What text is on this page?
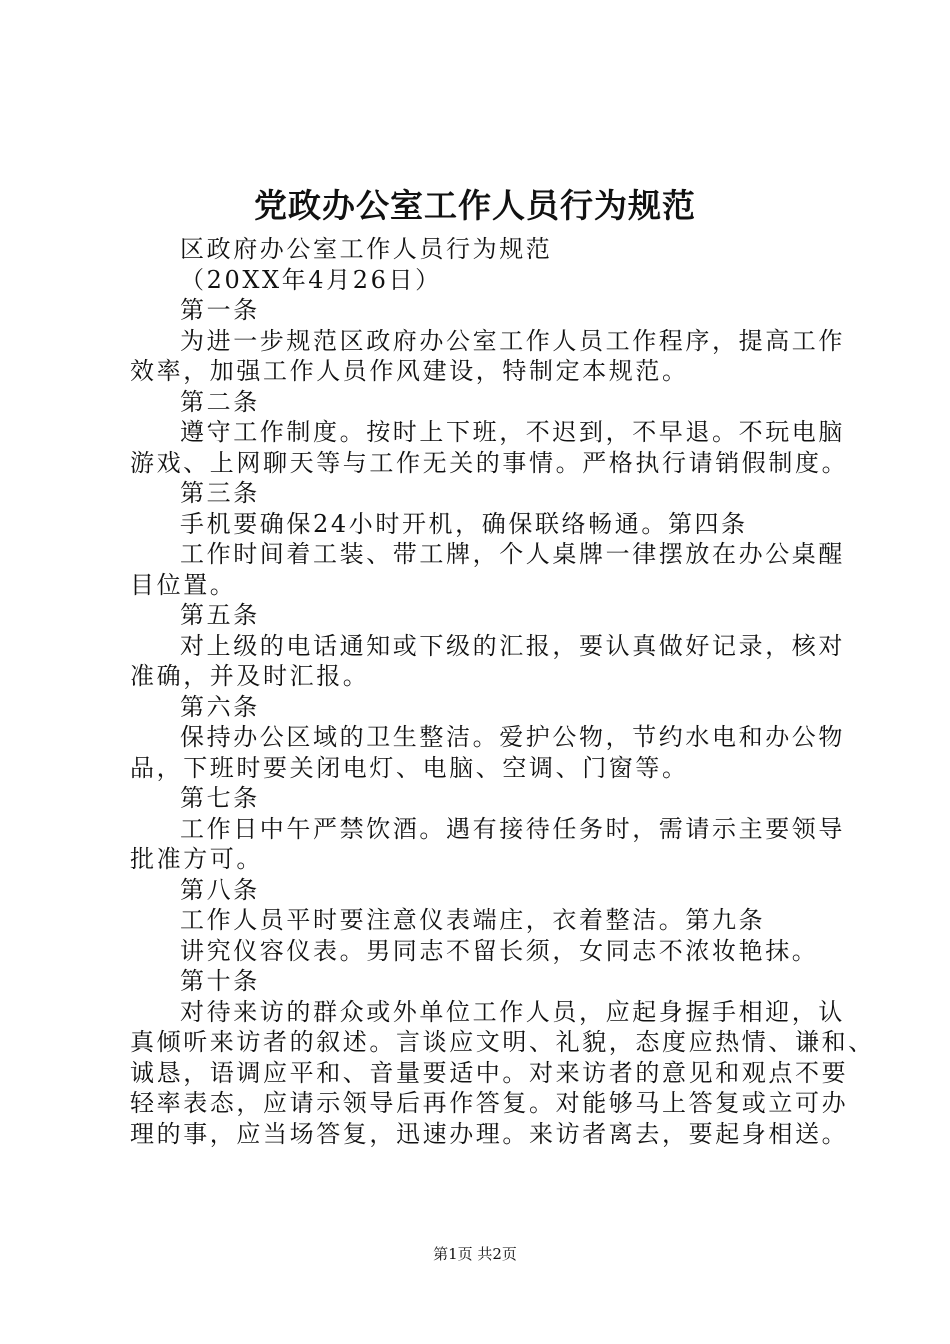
党政办公室工作人员行为规范
区政府办公室工作人员行为规范
（20XX年4月26日）
第一条
为进一步规范区政府办公室工作人员工作程序，提高工作
效率，加强工作人员作风建设，特制定本规范。
第二条
遵守工作制度。按时上下班，不迟到，不早退。不玩电脑
游戏、上网聊天等与工作无关的事情。严格执行请销假制度。
第三条
手机要确保24小时开机，确保联络畅通。第四条
工作时间着工装、带工牌，个人桌牌一律摆放在办公桌醒
目位置。
第五条
对上级的电话通知或下级的汇报，要认真做好记录，核对
准确，并及时汇报。
第六条
保持办公区域的卫生整洁。爱护公物，节约水电和办公物
品，下班时要关闭电灯、电脑、空调、门窗等。
第七条
工作日中午严禁饮酒。遇有接待任务时，需请示主要领导
批准方可。
第八条
工作人员平时要注意仪表端庄，衣着整洁。第九条
讲究仪容仪表。男同志不留长须，女同志不浓妆艳抹。
第十条
对待来访的群众或外单位工作人员，应起身握手相迎，认
真倾听来访者的叙述。言谈应文明、礼貌，态度应热情、谦和、
诚恳，语调应平和、音量要适中。对来访者的意见和观点不要
轻率表态，应请示领导后再作答复。对能够马上答复或立可办
理的事，应当场答复，迅速办理。来访者离去，要起身相送。
第1页 共2页
